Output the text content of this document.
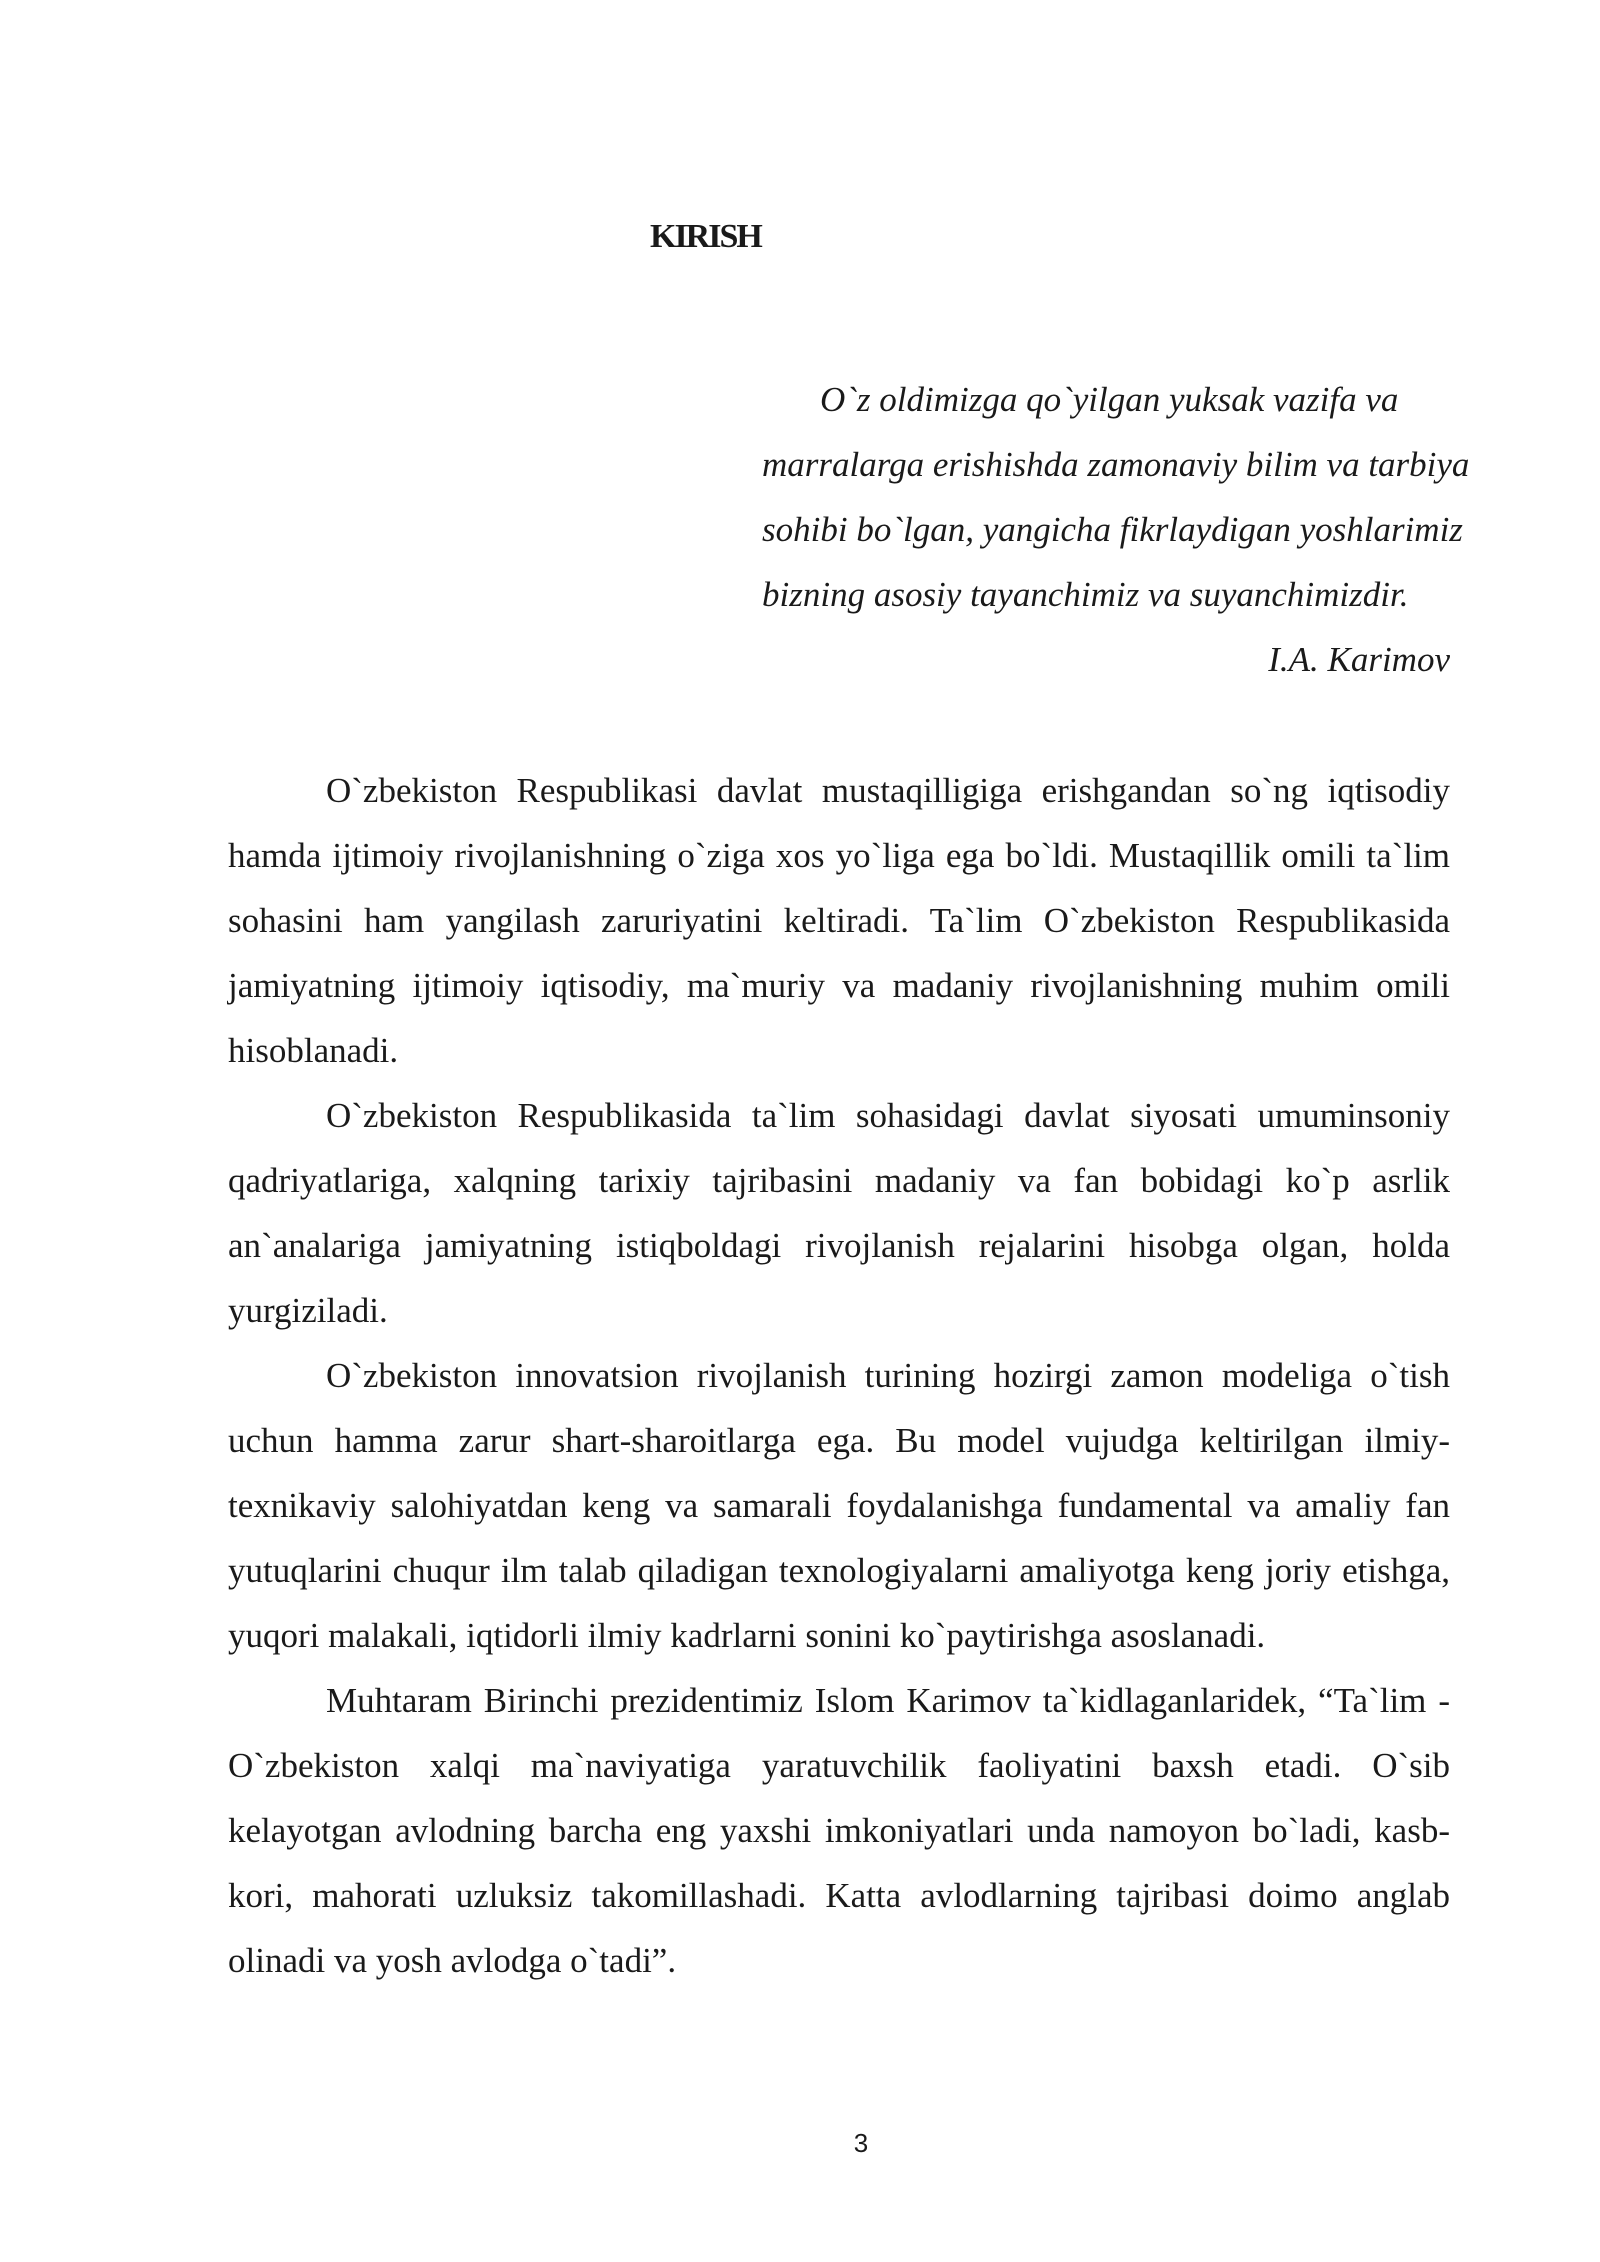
KIRISH
O`z oldimizga qo`yilgan yuksak vazifa va
marralarga erishishda zamonaviy bilim va tarbiya
sohibi bo`lgan, yangicha fikrlaydigan yoshlarimiz
bizning asosiy tayanchimiz va suyanchimizdir.
I.A. Karimov

O`zbekiston Respublikasi davlat mustaqilligiga erishgandan so`ng iqtisodiy hamda ijtimoiy rivojlanishning o`ziga xos yo`liga ega bo`ldi. Mustaqillik omili ta`lim sohasini ham yangilash zaruriyatini keltiradi. Ta`lim O`zbekiston Respublikasida jamiyatning ijtimoiy iqtisodiy, ma`muriy va madaniy rivojlanishning muhim omili hisoblanadi.

O`zbekiston Respublikasida ta`lim sohasidagi davlat siyosati umuminsoniy qadriyatlariga, xalqning tarixiy tajribasini madaniy va fan bobidagi ko`p asrlik an`analariga jamiyatning istiqboldagi rivojlanish rejalarini hisobga olgan, holda yurgiziladi.

O`zbekiston innovatsion rivojlanish turining hozirgi zamon modeliga o`tish uchun hamma zarur shart-sharoitlarga ega. Bu model vujudga keltirilgan ilmiy-texnikaviy salohiyatdan keng va samarali foydalanishga fundamental va amaliy fan yutuqlarini chuqur ilm talab qiladigan texnologiyalarni amaliyotga keng joriy etishga, yuqori malakali, iqtidorli ilmiy kadrlarni sonini ko`paytirishga asoslanadi.

Muhtaram Birinchi prezidentimiz Islom Karimov ta`kidlaganlaridek, “Ta`lim - O`zbekiston xalqi ma`naviyatiga yaratuvchilik faoliyatini baxsh etadi. O`sib kelayotgan avlodning barcha eng yaxshi imkoniyatlari unda namoyon bo`ladi, kasb-kori, mahorati uzluksiz takomillashadi. Katta avlodlarning tajribasi doimo anglab olinadi va yosh avlodga o`tadi”.

3
